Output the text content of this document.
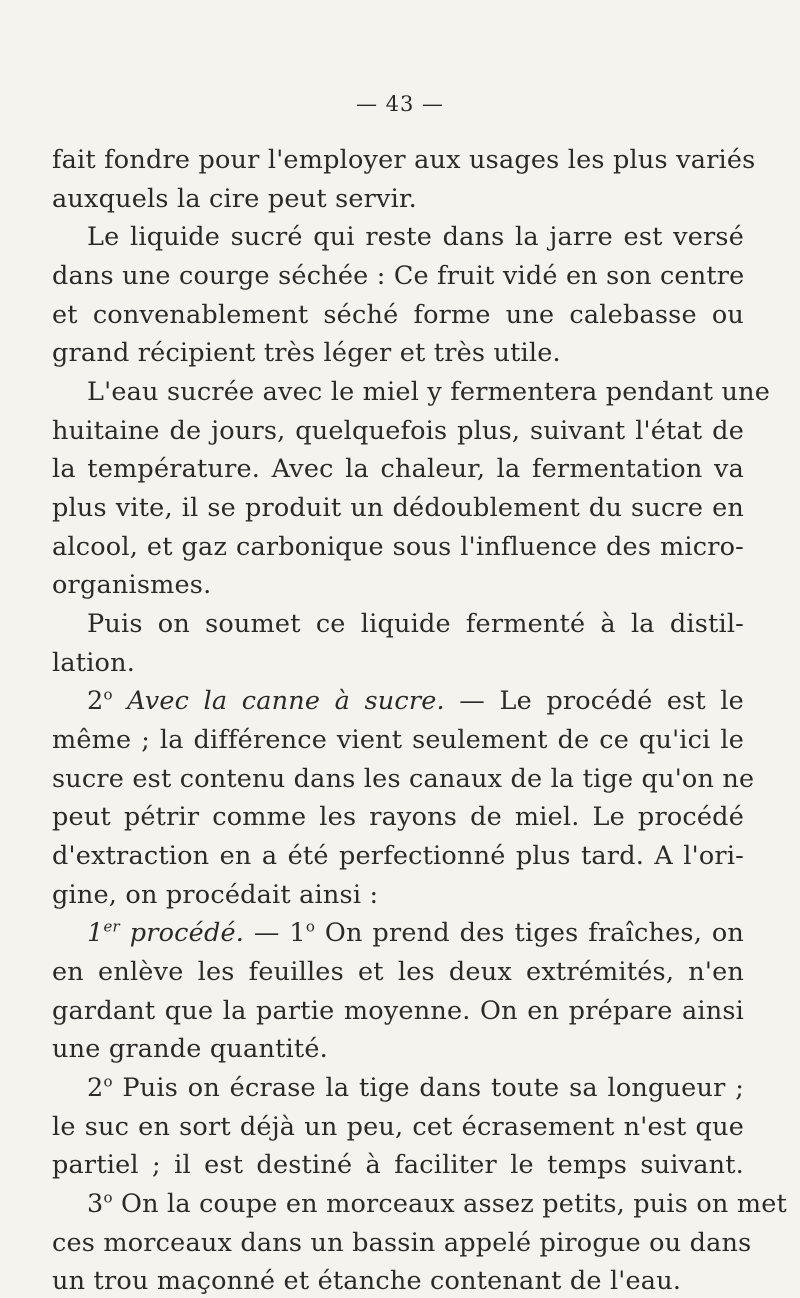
— 43 —
fait fondre pour l'employer aux usages les plus variés
auxquels la cire peut servir.
Le liquide sucré qui reste dans la jarre est versé
dans une courge séchée : Ce fruit vidé en son centre
et convenablement séché forme une calebasse ou
grand récipient très léger et très utile.
L'eau sucrée avec le miel y fermentera pendant une
huitaine de jours, quelquefois plus, suivant l'état de
la température. Avec la chaleur, la fermentation va
plus vite, il se produit un dédoublement du sucre en
alcool, et gaz carbonique sous l'influence des micro-
organismes.
Puis on soumet ce liquide fermenté à la distil-
lation.
2$^o$ Avec la canne à sucre. — Le procédé est le
même ; la différence vient seulement de ce qu'ici le
sucre est contenu dans les canaux de la tige qu'on ne
peut pétrir comme les rayons de miel. Le procédé
d'extraction en a été perfectionné plus tard. A l'ori-
gine, on procédait ainsi :
1er procédé. — 1$^o$ On prend des tiges fraîches, on
en enlève les feuilles et les deux extrémités, n'en
gardant que la partie moyenne. On en prépare ainsi
une grande quantité.
2$^o$ Puis on écrase la tige dans toute sa longueur ;
le suc en sort déjà un peu, cet écrasement n'est que
partiel ; il est destiné à faciliter le temps suivant.
3$^o$ On la coupe en morceaux assez petits, puis on met
ces morceaux dans un bassin appelé pirogue ou dans
un trou maçonné et étanche contenant de l'eau.
